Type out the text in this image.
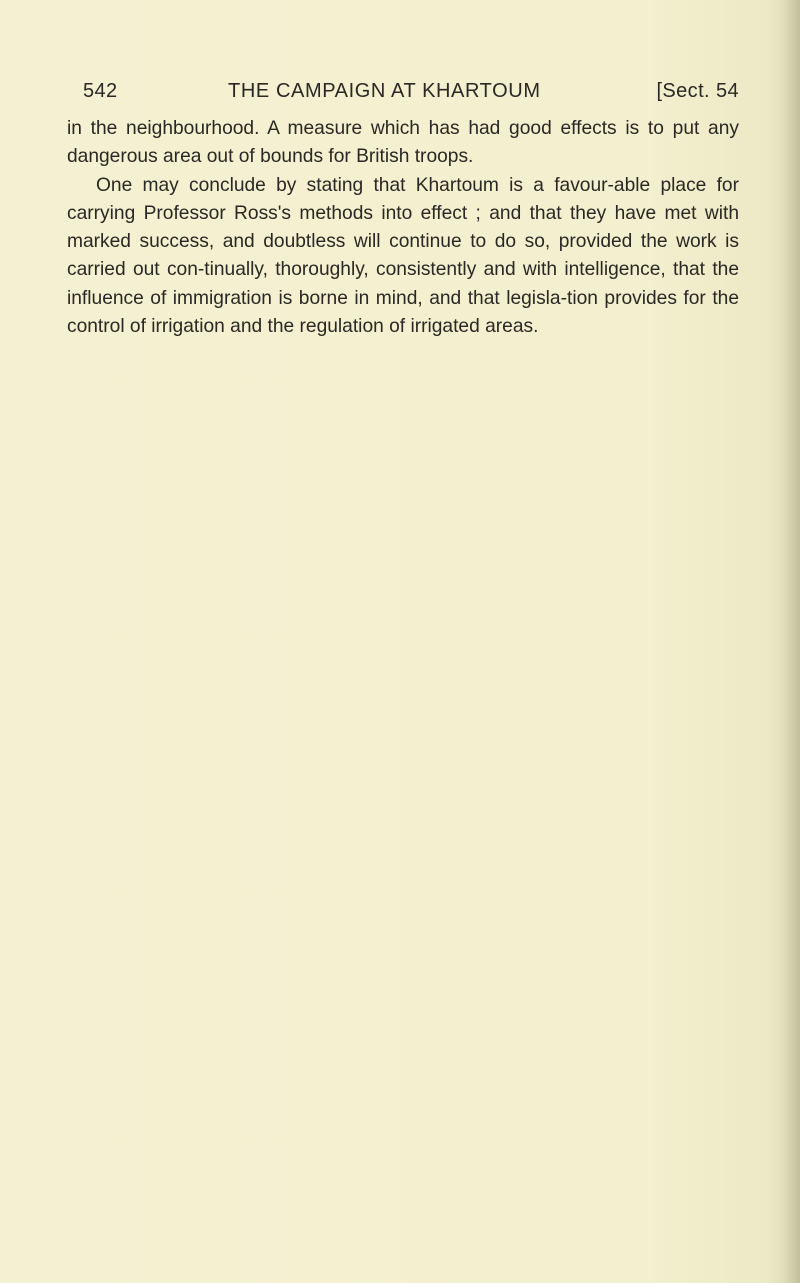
542	THE CAMPAIGN AT KHARTOUM	[Sect. 54

in the neighbourhood. A measure which has had good effects is to put any dangerous area out of bounds for British troops.

One may conclude by stating that Khartoum is a favour-able place for carrying Professor Ross's methods into effect ; and that they have met with marked success, and doubtless will continue to do so, provided the work is carried out con-tinually, thoroughly, consistently and with intelligence, that the influence of immigration is borne in mind, and that legisla-tion provides for the control of irrigation and the regulation of irrigated areas.
